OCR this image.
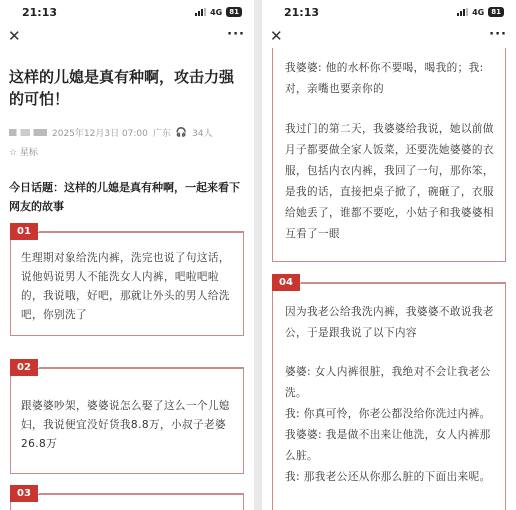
21:13	4G	81
✕	···
这样的儿媳是真有种啊，攻击力强的可怕！
2025年12月3日 07:00 广东 🎧 34人
☆ 星标
今日话题：这样的儿媳是真有种啊，一起来看下网友的故事
01
生理期对象给洗内裤，洗完也说了句这话，说他妈说男人不能洗女人内裤，吧啦吧啦的，我说哦，好吧，那就让外头的男人给洗吧，你别洗了
02
跟婆婆吵架，婆婆说怎么娶了这么一个儿媳妇，我说便宜没好货我8.8万，小叔子老婆26.8万
03
21:13	4G	81
✕	···
我婆婆: 他的水杯你不要喝，喝我的；我: 对，亲嘴也要亲你的
我过门的第二天，我婆婆给我说，她以前做月子都要做全家人饭菜，还要洗她婆婆的衣服，包括内衣内裤，我回了一句，那你笨，是我的话，直接把桌子掀了，碗砸了，衣服给她丢了，谁都不要吃，小姑子和我婆婆相互看了一眼
04
因为我老公给我洗内裤，我婆婆不敢说我老公，于是跟我说了以下内容
婆婆: 女人内裤很脏，我绝对不会让我老公洗。
我: 你真可怜，你老公都没给你洗过内裤。
我婆婆: 我是做不出来让他洗，女人内裤那么脏。
我: 那我老公还从你那么脏的下面出来呢。
